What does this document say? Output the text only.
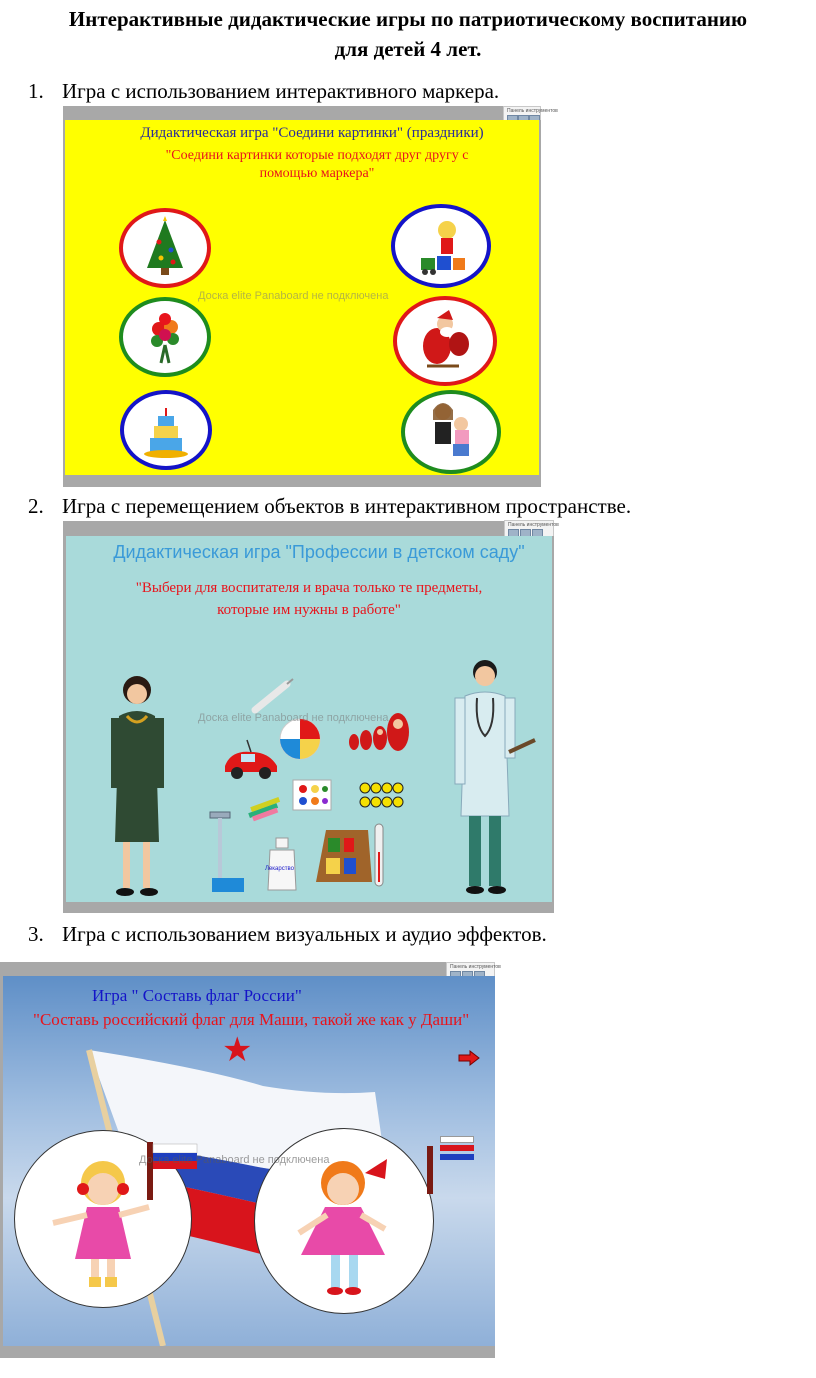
Интерактивные дидактические игры по патриотическому воспитанию
для детей 4 лет.
1. Игра с использованием интерактивного маркера.
Панель инструментов
Дидактическая игра "Соедини картинки" (праздники)
"Соедини картинки которые подходят друг другу с
помощью маркера"
Доска elite Panaboard не подключена
2. Игра с перемещением объектов в интерактивном пространстве.
Панель инструментов
Дидактическая игра "Профессии в детском саду"
"Выбери для воспитателя и врача только те предметы,
которые им нужны в работе"
Лекарство
Доска elite Panaboard не подключена
3. Игра с использованием визуальных и аудио эффектов.
Панель инструментов
Игра " Составь флаг России"
"Составь российский флаг для Маши, такой же как у Даши"
★
Доска elite Panaboard не подключена
